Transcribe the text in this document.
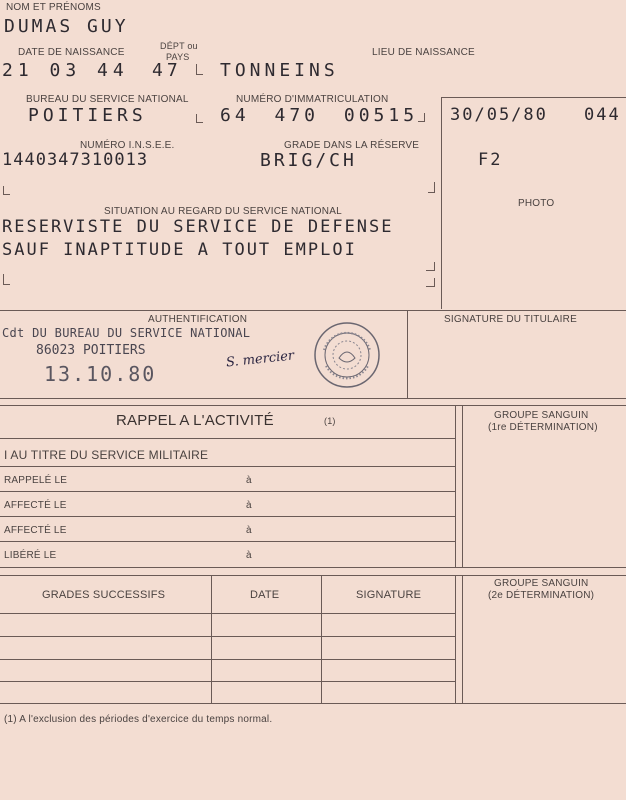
NOM ET PRÉNOMS
DUMAS GUY
DATE DE NAISSANCE
DÉPT ou
PAYS	LIEU DE NAISSANCE
21 03 44 47 TONNEINS
BUREAU DU SERVICE NATIONAL	NUMÉRO D'IMMATRICULATION
POITIERS	64 470 00515
NUMÉRO I.N.S.E.E.	GRADE DANS LA RÉSERVE
1440347310013	BRIG/CH
30/05/80 044
F2
PHOTO
SITUATION AU REGARD DU SERVICE NATIONAL
RESERVISTE DU SERVICE DE DEFENSE
SAUF INAPTITUDE A TOUT EMPLOI
AUTHENTIFICATION	SIGNATURE DU TITULAIRE
Cdt DU BUREAU DU SERVICE NATIONAL
86023 POITIERS
13.10.80
S. mercier
RAPPEL A L'ACTIVITÉ	(1)
I AU TITRE DU SERVICE MILITAIRE
RAPPELÉ LE	à
AFFECTÉ LE	à
AFFECTÉ LE	à
LIBÉRÉ LE	à
GROUPE SANGUIN
(1re DÉTERMINATION)
GRADES SUCCESSIFS	DATE	SIGNATURE
GROUPE SANGUIN
(2e DÉTERMINATION)
(1) A l'exclusion des périodes d'exercice du temps normal.
